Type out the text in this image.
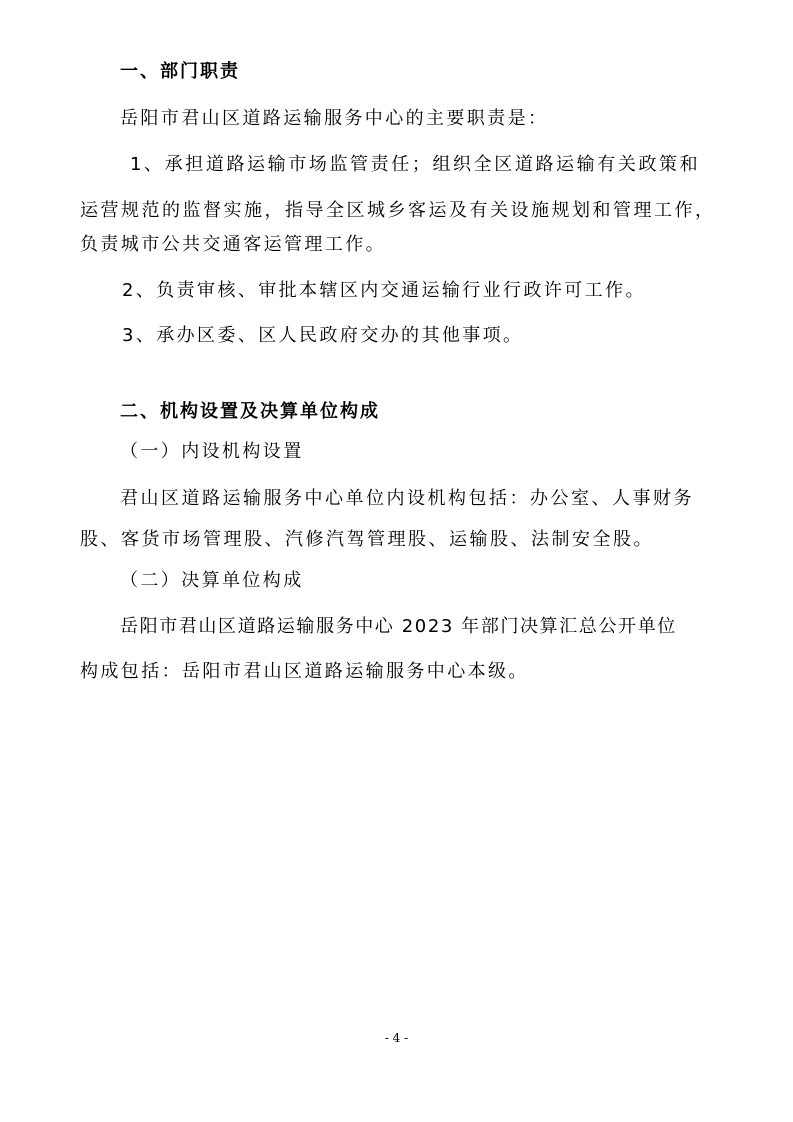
一、部门职责
岳阳市君山区道路运输服务中心的主要职责是：
1、承担道路运输市场监管责任；组织全区道路运输有关政策和
运营规范的监督实施，指导全区城乡客运及有关设施规划和管理工作，
负责城市公共交通客运管理工作。
2、负责审核、审批本辖区内交通运输行业行政许可工作。
3、承办区委、区人民政府交办的其他事项。
二、机构设置及决算单位构成
（一）内设机构设置
君山区道路运输服务中心单位内设机构包括：办公室、人事财务
股、客货市场管理股、汽修汽驾管理股、运输股、法制安全股。
（二）决算单位构成
岳阳市君山区道路运输服务中心 2023 年部门决算汇总公开单位
构成包括：岳阳市君山区道路运输服务中心本级。
- 4 -
